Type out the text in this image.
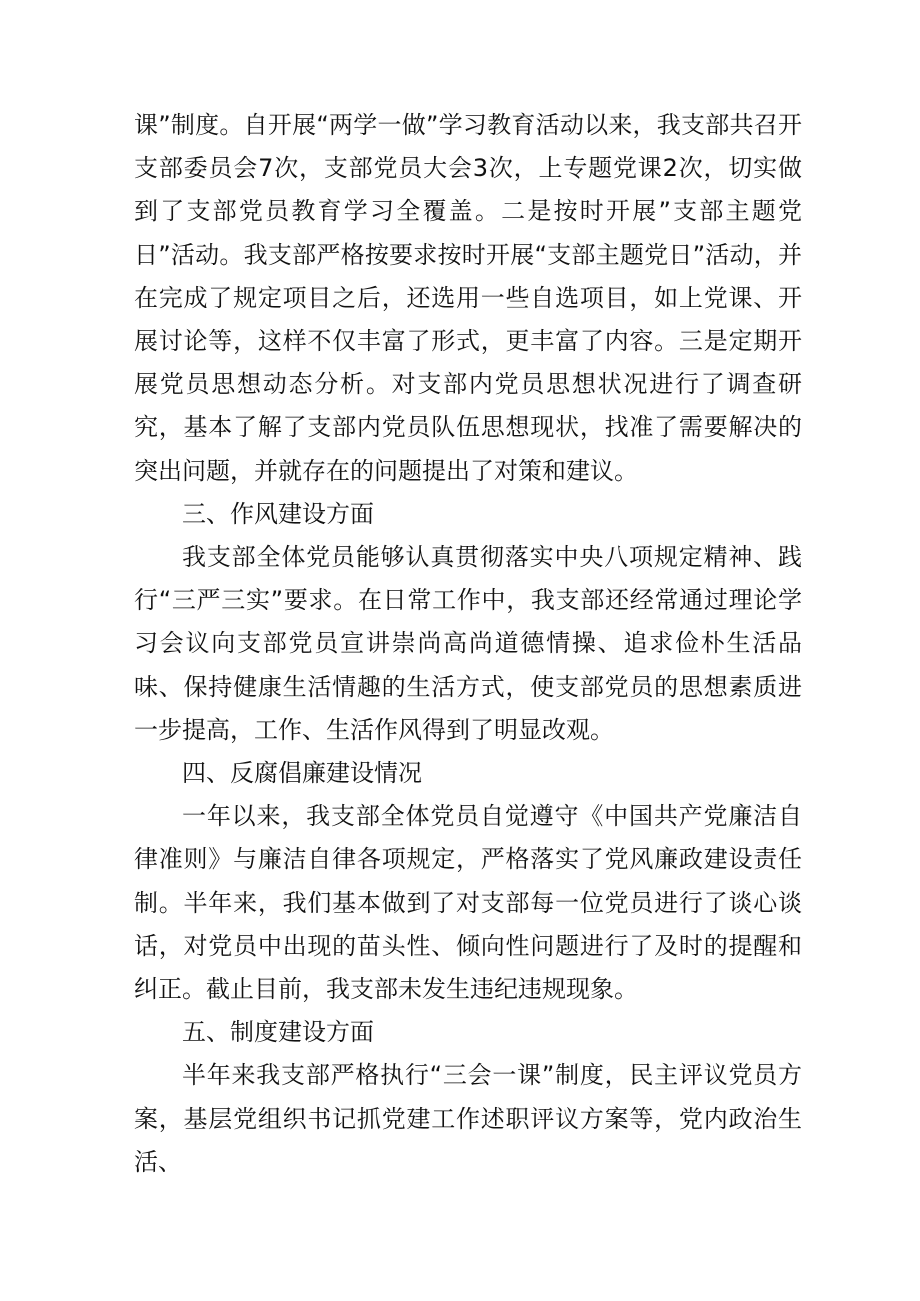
课”制度。自开展“两学一做”学习教育活动以来，我支部共召开支部委员会7次，支部党员大会3次，上专题党课2次，切实做到了支部党员教育学习全覆盖。二是按时开展”支部主题党日”活动。我支部严格按要求按时开展“支部主题党日”活动，并在完成了规定项目之后，还选用一些自选项目，如上党课、开展讨论等，这样不仅丰富了形式，更丰富了内容。三是定期开展党员思想动态分析。对支部内党员思想状况进行了调查研究，基本了解了支部内党员队伍思想现状，找准了需要解决的突出问题，并就存在的问题提出了对策和建议。

三、作风建设方面

我支部全体党员能够认真贯彻落实中央八项规定精神、践行“三严三实”要求。在日常工作中，我支部还经常通过理论学习会议向支部党员宣讲崇尚高尚道德情操、追求俭朴生活品味、保持健康生活情趣的生活方式，使支部党员的思想素质进一步提高，工作、生活作风得到了明显改观。

四、反腐倡廉建设情况

一年以来，我支部全体党员自觉遵守《中国共产党廉洁自律准则》与廉洁自律各项规定，严格落实了党风廉政建设责任制。半年来，我们基本做到了对支部每一位党员进行了谈心谈话，对党员中出现的苗头性、倾向性问题进行了及时的提醒和纠正。截止目前，我支部未发生违纪违规现象。

五、制度建设方面

半年来我支部严格执行“三会一课”制度，民主评议党员方案，基层党组织书记抓党建工作述职评议方案等，党内政治生活、
